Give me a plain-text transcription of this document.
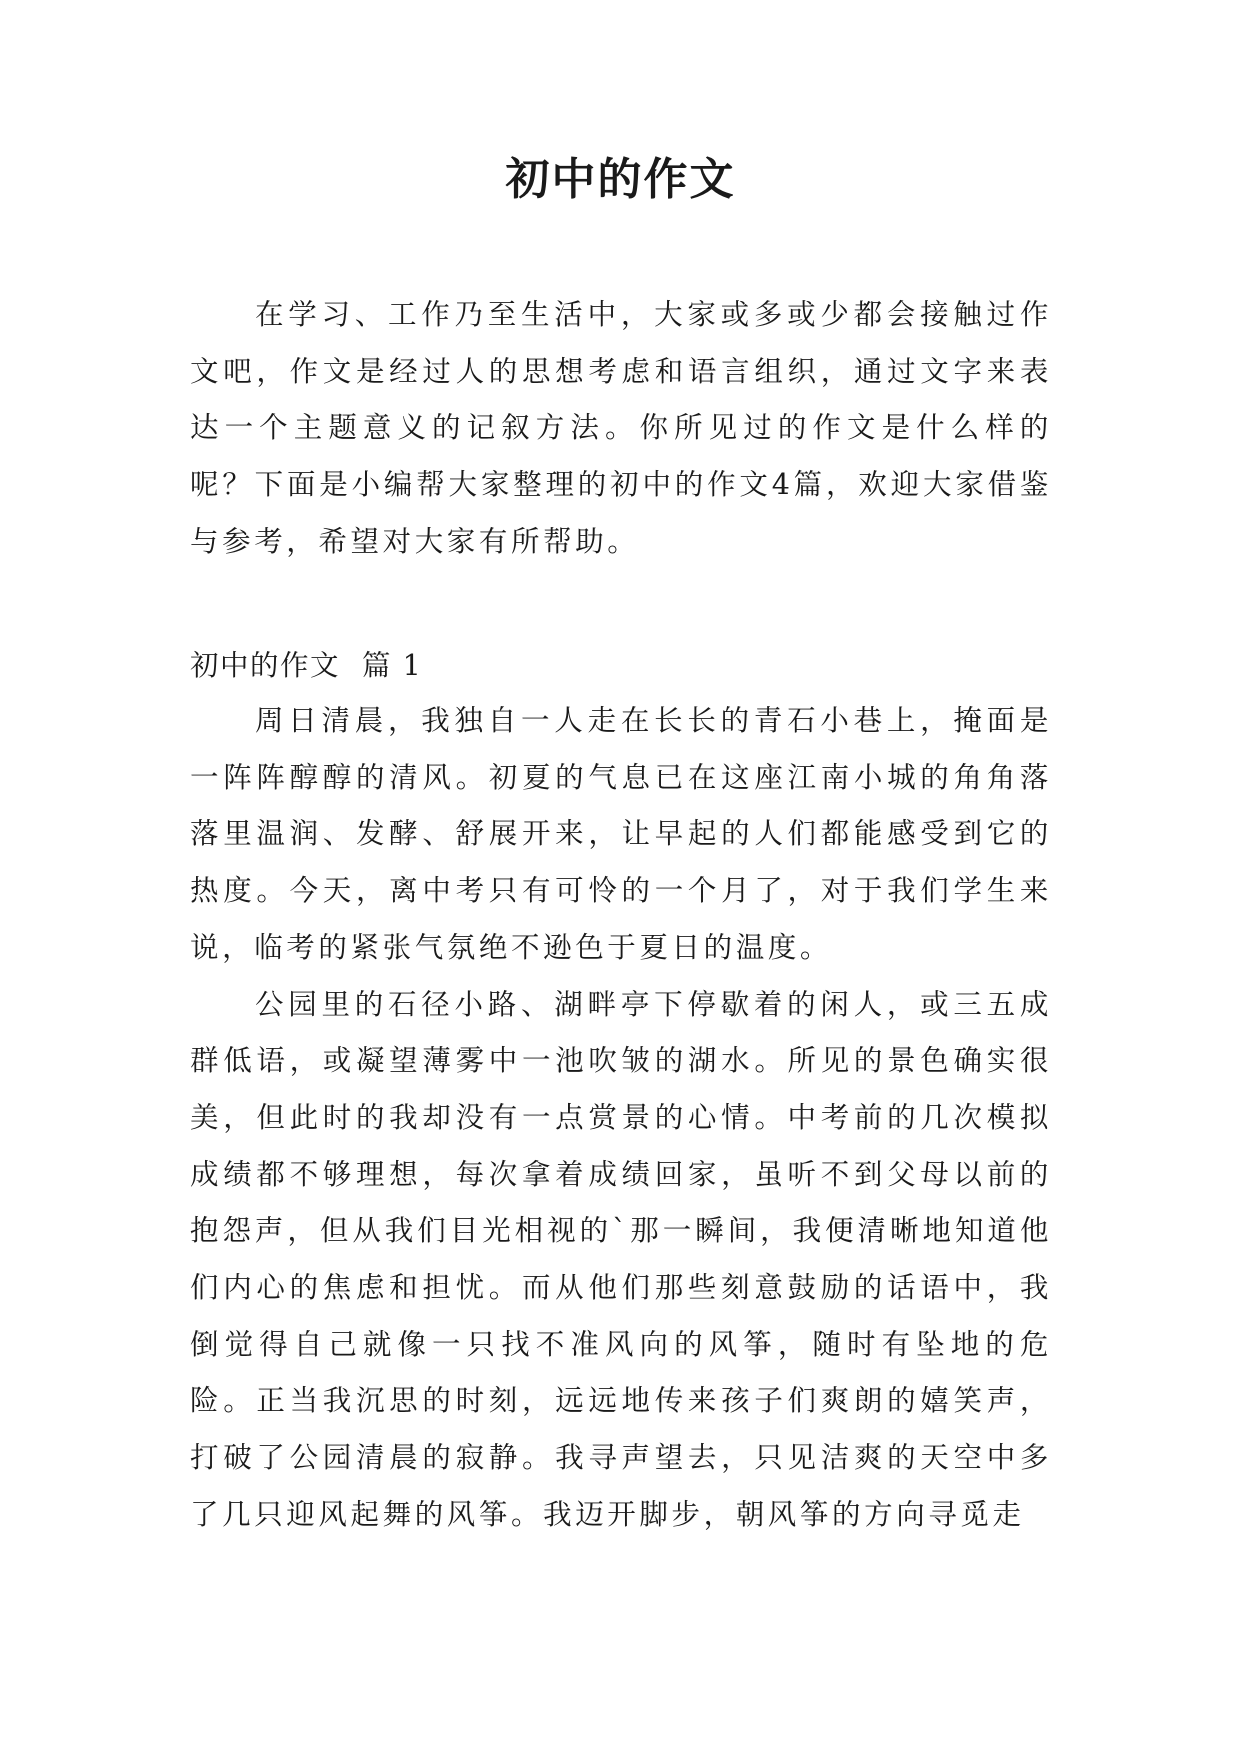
初中的作文

在学习、工作乃至生活中，大家或多或少都会接触过作文吧，作文是经过人的思想考虑和语言组织，通过文字来表达一个主题意义的记叙方法。你所见过的作文是什么样的呢？下面是小编帮大家整理的初中的作文4篇，欢迎大家借鉴与参考，希望对大家有所帮助。

初中的作文 篇 1

周日清晨，我独自一人走在长长的青石小巷上，掩面是一阵阵醇醇的清风。初夏的气息已在这座江南小城的角角落落里温润、发酵、舒展开来，让早起的人们都能感受到它的热度。今天，离中考只有可怜的一个月了，对于我们学生来说，临考的紧张气氛绝不逊色于夏日的温度。

公园里的石径小路、湖畔亭下停歇着的闲人，或三五成群低语，或凝望薄雾中一池吹皱的湖水。所见的景色确实很美，但此时的我却没有一点赏景的心情。中考前的几次模拟成绩都不够理想，每次拿着成绩回家，虽听不到父母以前的抱怨声，但从我们目光相视的`那一瞬间，我便清晰地知道他们内心的焦虑和担忧。而从他们那些刻意鼓励的话语中，我倒觉得自己就像一只找不准风向的风筝，随时有坠地的危险。正当我沉思的时刻，远远地传来孩子们爽朗的嬉笑声，打破了公园清晨的寂静。我寻声望去，只见洁爽的天空中多了几只迎风起舞的风筝。我迈开脚步，朝风筝的方向寻觅走
